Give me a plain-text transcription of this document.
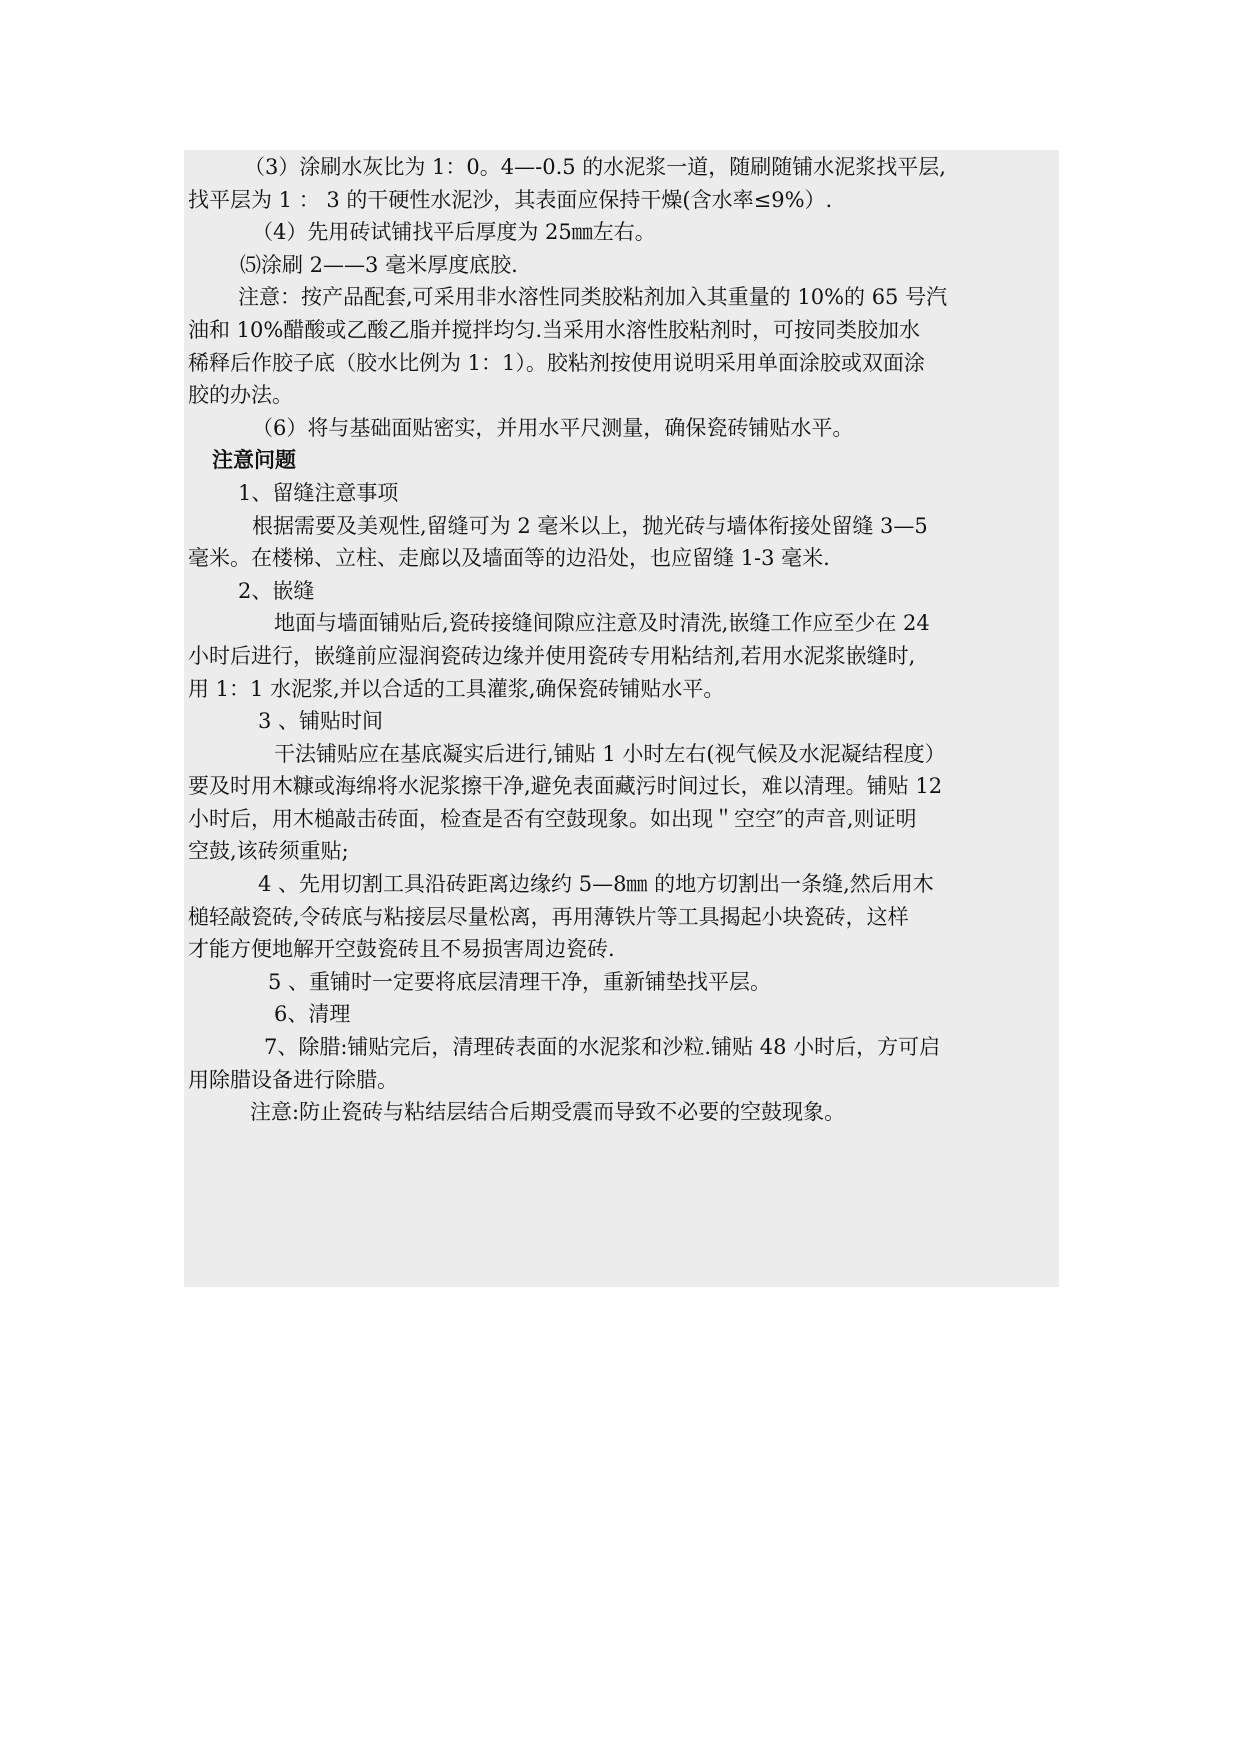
（3）涂刷水灰比为 1：0。4—-0.5 的水泥浆一道，随刷随铺水泥浆找平层,
找平层为 1 ： 3 的干硬性水泥沙，其表面应保持干燥(含水率≤9%）.
（4）先用砖试铺找平后厚度为 25㎜左右。
⑸涂刷 2——3 毫米厚度底胶.
注意：按产品配套,可采用非水溶性同类胶粘剂加入其重量的 10%的 65 号汽
油和 10%醋酸或乙酸乙脂并搅拌均匀.当采用水溶性胶粘剂时，可按同类胶加水
稀释后作胶子底（胶水比例为 1：1）。胶粘剂按使用说明采用单面涂胶或双面涂
胶的办法。
（6）将与基础面贴密实，并用水平尺测量，确保瓷砖铺贴水平。
注意问题
1、留缝注意事项
根据需要及美观性,留缝可为 2 毫米以上，抛光砖与墙体衔接处留缝 3—5
毫米。在楼梯、立柱、走廊以及墙面等的边沿处，也应留缝 1-3 毫米.
2、嵌缝
地面与墙面铺贴后,瓷砖接缝间隙应注意及时清洗,嵌缝工作应至少在 24
小时后进行，嵌缝前应湿润瓷砖边缘并使用瓷砖专用粘结剂,若用水泥浆嵌缝时,
用 1：1 水泥浆,并以合适的工具灌浆,确保瓷砖铺贴水平。
3 、铺贴时间
干法铺贴应在基底凝实后进行,铺贴 1 小时左右(视气候及水泥凝结程度）
要及时用木糠或海绵将水泥浆擦干净,避免表面藏污时间过长，难以清理。铺贴 12
小时后，用木槌敲击砖面，检查是否有空鼓现象。如出现＂空空″的声音,则证明
空鼓,该砖须重贴;
4 、先用切割工具沿砖距离边缘约 5—8㎜ 的地方切割出一条缝,然后用木
槌轻敲瓷砖,令砖底与粘接层尽量松离，再用薄铁片等工具揭起小块瓷砖，这样
才能方便地解开空鼓瓷砖且不易损害周边瓷砖.
5 、重铺时一定要将底层清理干净，重新铺垫找平层。
6、清理
7、除腊:铺贴完后，清理砖表面的水泥浆和沙粒.铺贴 48 小时后，方可启
用除腊设备进行除腊。
注意:防止瓷砖与粘结层结合后期受震而导致不必要的空鼓现象。
